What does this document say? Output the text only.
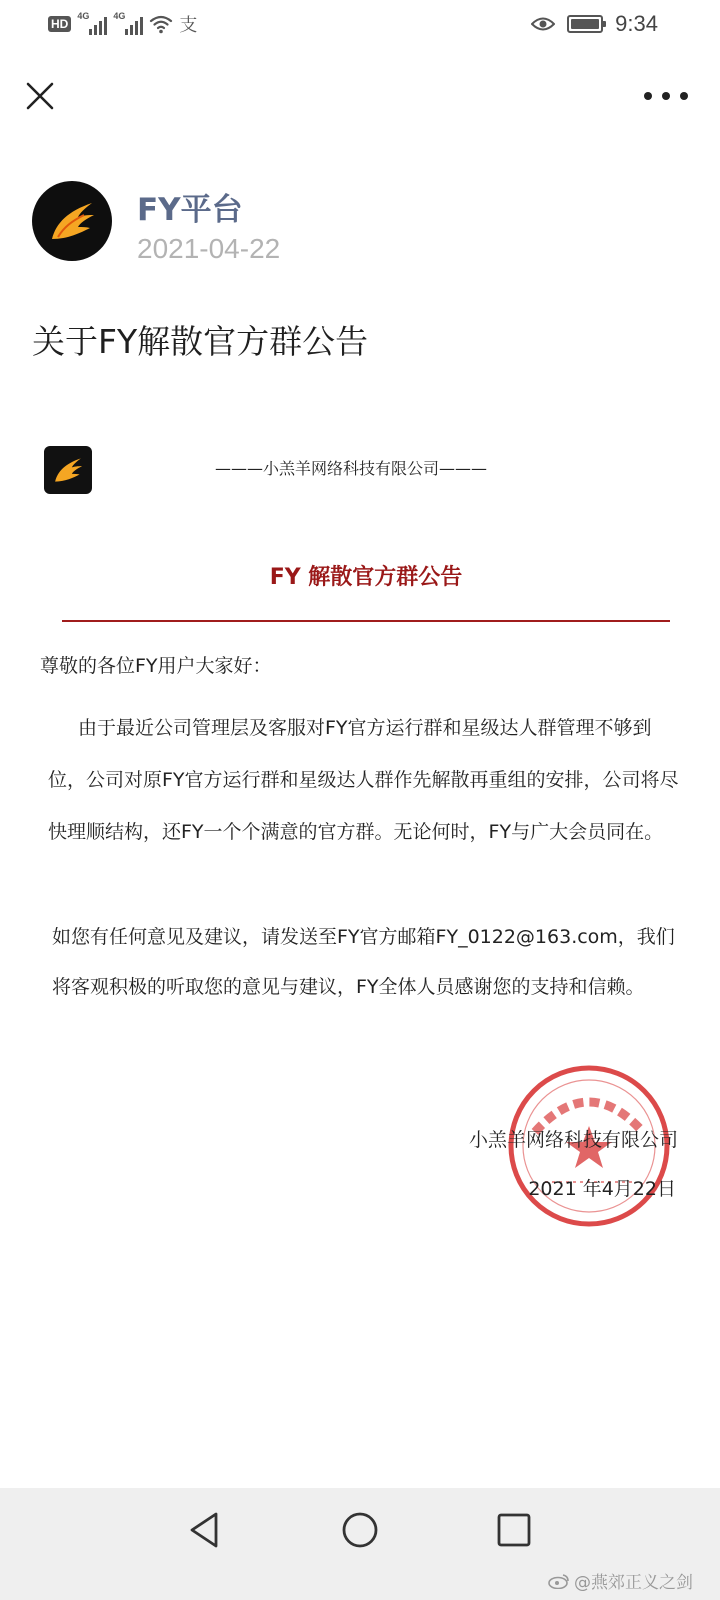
HD
4G	4G	支	9:34
FY平台
2021-04-22
关于FY解散官方群公告
———小羔羊网络科技有限公司———
FY 解散官方群公告
尊敬的各位FY用户大家好：
由于最近公司管理层及客服对FY官方运行群和星级达人群管理不够到位，公司对原FY官方运行群和星级达人群作先解散再重组的安排，公司将尽快理顺结构，还FY一个个满意的官方群。无论何时，FY与广大会员同在。
如您有任何意见及建议，请发送至FY官方邮箱FY_0122@163.com，我们将客观积极的听取您的意见与建议，FY全体人员感谢您的支持和信赖。
小羔羊网络科技有限公司
2021 年4月22日
@燕郊正义之剑
